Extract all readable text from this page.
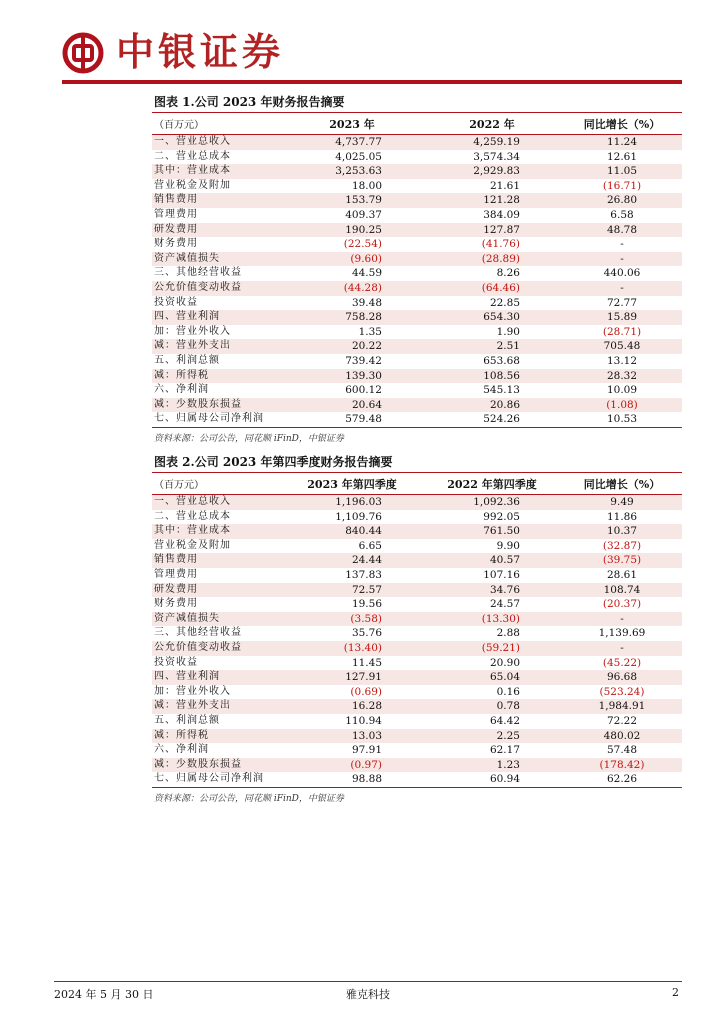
中银证券
图表 1.公司 2023 年财务报告摘要
（百万元）	2023 年	2022 年	同比增长（%）
一、营业总收入	4,737.77	4,259.19	11.24
二、营业总成本	4,025.05	3,574.34	12.61
其中：营业成本	3,253.63	2,929.83	11.05
营业税金及附加	18.00	21.61	(16.71)
销售费用	153.79	121.28	26.80
管理费用	409.37	384.09	6.58
研发费用	190.25	127.87	48.78
财务费用	(22.54)	(41.76)	-
资产减值损失	(9.60)	(28.89)	-
三、其他经营收益	44.59	8.26	440.06
公允价值变动收益	(44.28)	(64.46)	-
投资收益	39.48	22.85	72.77
四、营业利润	758.28	654.30	15.89
加：营业外收入	1.35	1.90	(28.71)
减：营业外支出	20.22	2.51	705.48
五、利润总额	739.42	653.68	13.12
减：所得税	139.30	108.56	28.32
六、净利润	600.12	545.13	10.09
减：少数股东损益	20.64	20.86	(1.08)
七、归属母公司净利润	579.48	524.26	10.53
资料来源：公司公告，同花顺 iFinD，中银证券
图表 2.公司 2023 年第四季度财务报告摘要
（百万元）	2023 年第四季度	2022 年第四季度	同比增长（%）
一、营业总收入	1,196.03	1,092.36	9.49
二、营业总成本	1,109.76	992.05	11.86
其中：营业成本	840.44	761.50	10.37
营业税金及附加	6.65	9.90	(32.87)
销售费用	24.44	40.57	(39.75)
管理费用	137.83	107.16	28.61
研发费用	72.57	34.76	108.74
财务费用	19.56	24.57	(20.37)
资产减值损失	(3.58)	(13.30)	-
三、其他经营收益	35.76	2.88	1,139.69
公允价值变动收益	(13.40)	(59.21)	-
投资收益	11.45	20.90	(45.22)
四、营业利润	127.91	65.04	96.68
加：营业外收入	(0.69)	0.16	(523.24)
减：营业外支出	16.28	0.78	1,984.91
五、利润总额	110.94	64.42	72.22
减：所得税	13.03	2.25	480.02
六、净利润	97.91	62.17	57.48
减：少数股东损益	(0.97)	1.23	(178.42)
七、归属母公司净利润	98.88	60.94	62.26
资料来源：公司公告，同花顺 iFinD，中银证券
2024 年 5 月 30 日	雅克科技	2
